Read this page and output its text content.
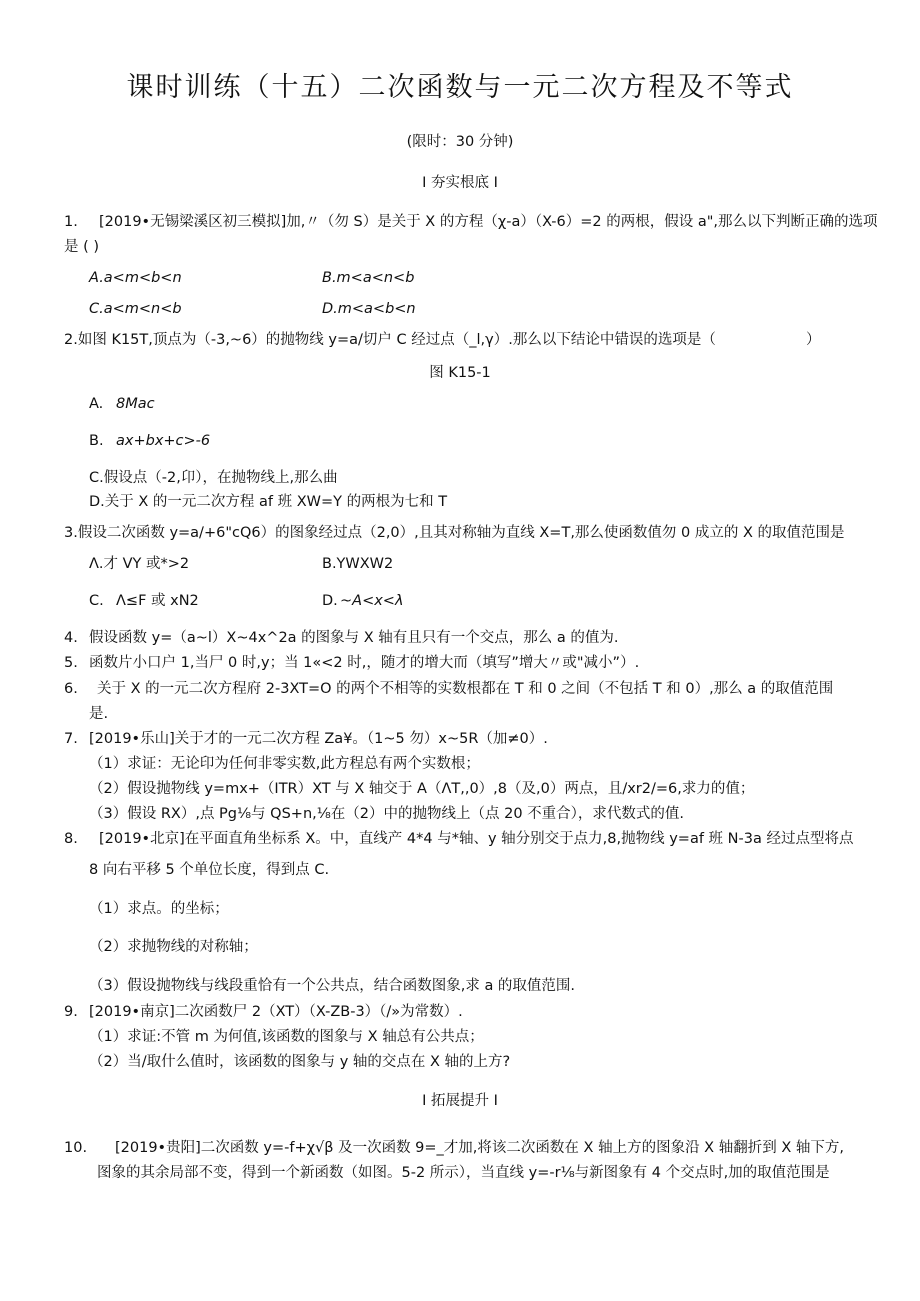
课时训练（十五）二次函数与一元二次方程及不等式
(限时：30 分钟)
I 夯实根底 I
1. [2019•无锡梁溪区初三模拟]加,〃（勿 S）是关于 X 的方程（χ-a）（X-6）=2 的两根，假设 a",那么以下判断正确的选项
是 ( )
A.a<m<b<n	B.m<a<n<b
C.a<m<n<b	D.m<a<b<n
2.如图 K15T,顶点为（-3,~6）的抛物线 y=a∕切户 C 经过点（_l,γ）.那么以下结论中错误的选项是（	）
图 K15-1
A. 8Mac
B. ax+bx+c>-6
C.假设点（-2,卬），在抛物线上,那么曲
D.关于 X 的一元二次方程 af 班 XW=Y 的两根为七和 T
3.假设二次函数 y=a∕+6"cQ6）的图象经过点（2,0）,且其对称轴为直线 X=T,那么使函数值勿 0 成立的 X 的取值范围是
Λ.才 VY 或*>2	B.YWXW2
C. Λ≤F 或 xN2	D. ~A<x<λ
4. 假设函数 y=（a~l）X~4x^2a 的图象与 X 轴有且只有一个交点，那么 a 的值为.
5. 函数片小口户 1,当尸 0 时,y；当 1«<2 时,，随才的增大而（填写”增大〃或"减小”）.
6. 关于 X 的一元二次方程府 2-3XT=O 的两个不相等的实数根都在 T 和 0 之间（不包括 T 和 0）,那么 a 的取值范围
是.
7. [2019•乐山]关于才的一元二次方程 Za¥。（1~5 勿）x~5R（加≠0）.
（1）求证：无论印为任何非零实数,此方程总有两个实数根；
（2）假设抛物线 y=mx+（ITR）XT 与 X 轴交于 A（ΛT,,0）,8（及,0）两点，且∕xr2∕=6,求力的值；
（3）假设 RX）,点 Pg⅛与 QS+n,⅛在（2）中的抛物线上（点 20 不重合），求代数式的值.
8. [2019•北京]在平面直角坐标系 X。中，直线产 4*4 与*轴、y 轴分别交于点力,8,抛物线 y=af 班 N-3a 经过点型将点
8 向右平移 5 个单位长度，得到点 C.
（1）求点。的坐标；
（2）求抛物线的对称轴；
（3）假设抛物线与线段重恰有一个公共点，结合函数图象,求 a 的取值范围.
9. [2019•南京]二次函数尸 2（XT）（X-ZB-3）（∕»为常数）.
（1）求证:不管 m 为何值,该函数的图象与 X 轴总有公共点；
（2）当∕取什么值时，该函数的图象与 y 轴的交点在 X 轴的上方?
I 拓展提升 I
10. [2019•贵阳]二次函数 y=-f+χ√β 及一次函数 9=_才加,将该二次函数在 X 轴上方的图象沿 X 轴翻折到 X 轴下方,
图象的其余局部不变，得到一个新函数（如图。5-2 所示），当直线 y=-r⅛与新图象有 4 个交点时,加的取值范围是
